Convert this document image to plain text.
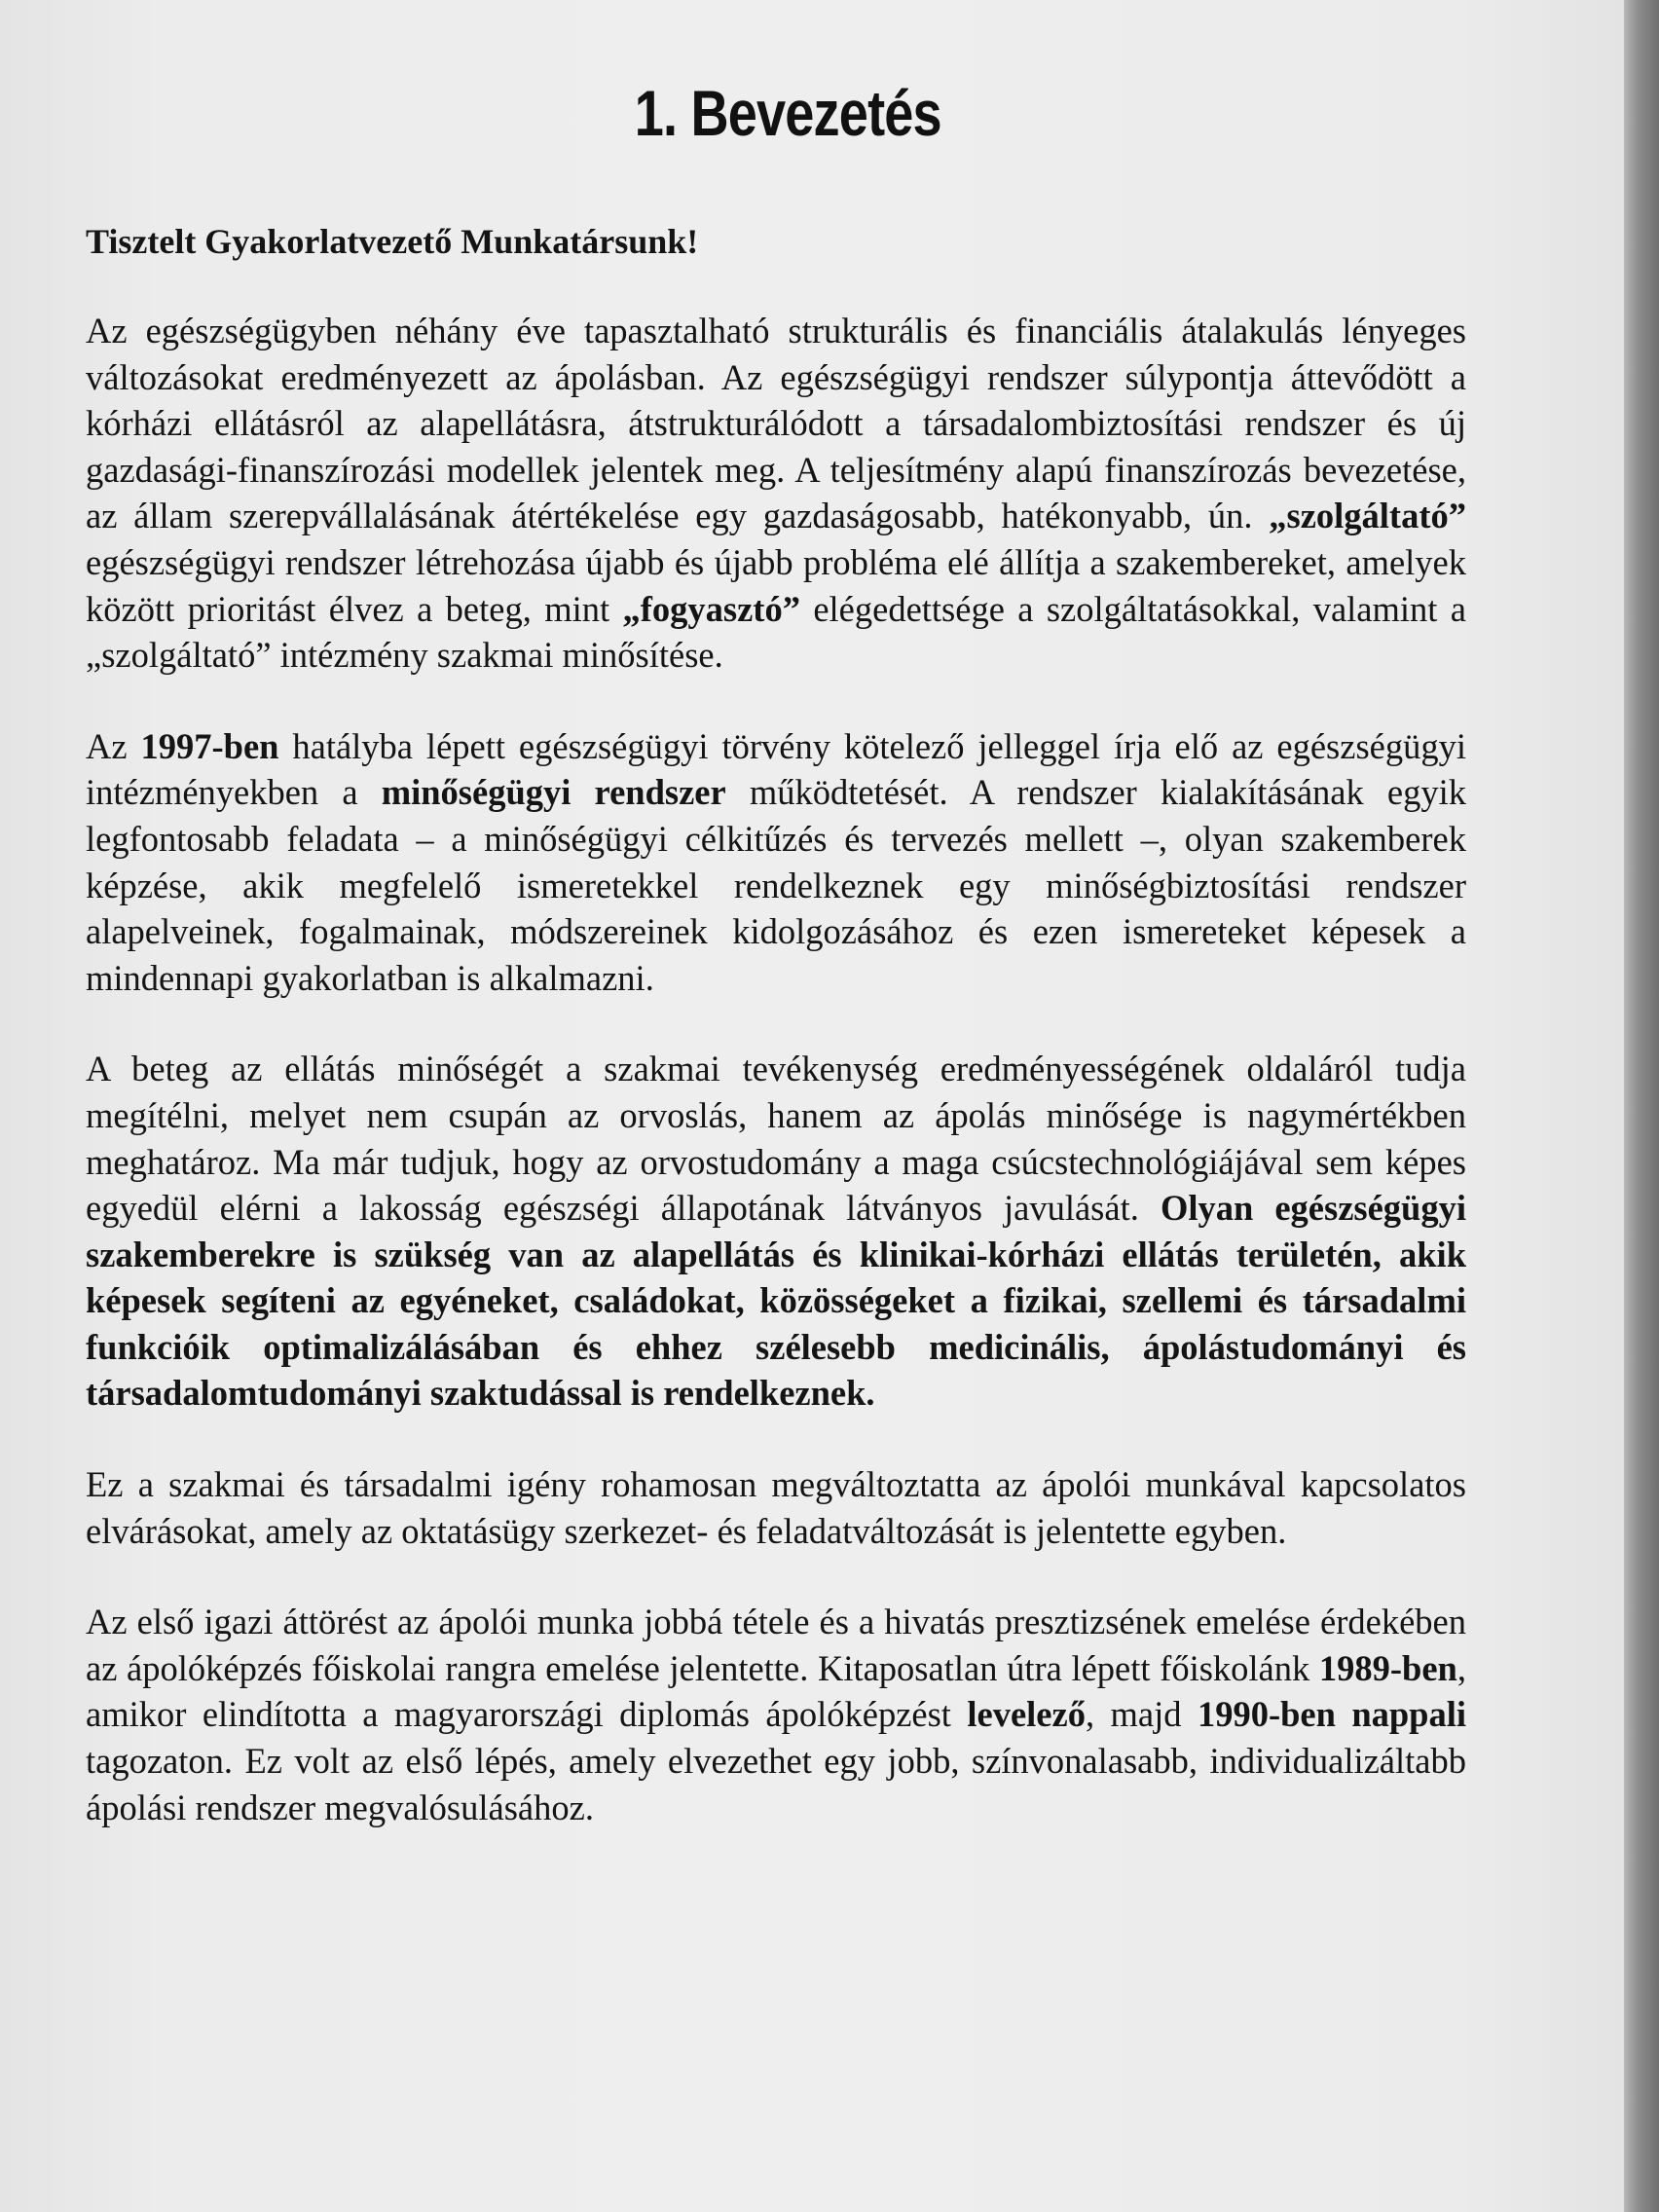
1. Bevezetés
Tisztelt Gyakorlatvezető Munkatársunk!

Az egészségügyben néhány éve tapasztalható strukturális és financiális átalakulás lényeges változásokat eredményezett az ápolásban. Az egészségügyi rendszer súlypontja áttevődött a kórházi ellátásról az alapellátásra, átstrukturálódott a társadalombiztosítási rendszer és új gazdasági-finanszírozási modellek jelentek meg. A teljesítmény alapú finanszírozás bevezetése, az állam szerepvállalásának átértékelése egy gazdaságosabb, hatékonyabb, ún. „szolgáltató” egészségügyi rendszer létrehozása újabb és újabb probléma elé állítja a szakembereket, amelyek között prioritást élvez a beteg, mint „fogyasztó” elégedettsége a szolgáltatásokkal, valamint a „szolgáltató” intézmény szakmai minősítése.

Az 1997-ben hatályba lépett egészségügyi törvény kötelező jelleggel írja elő az egészségügyi intézményekben a minőségügyi rendszer működtetését. A rendszer kialakításának egyik legfontosabb feladata – a minőségügyi célkitűzés és tervezés mellett –, olyan szakemberek képzése, akik megfelelő ismeretekkel rendelkeznek egy minőségbiztosítási rendszer alapelveinek, fogalmainak, módszereinek kidolgozásához és ezen ismereteket képesek a mindennapi gyakorlatban is alkalmazni.

A beteg az ellátás minőségét a szakmai tevékenység eredményességének oldaláról tudja megítélni, melyet nem csupán az orvoslás, hanem az ápolás minősége is nagymértékben meghatároz. Ma már tudjuk, hogy az orvostudomány a maga csúcstechnológiájával sem képes egyedül elérni a lakosság egészségi állapotának látványos javulását. Olyan egészségügyi szakemberekre is szükség van az alapellátás és klinikai-kórházi ellátás területén, akik képesek segíteni az egyéneket, családokat, közösségeket a fizikai, szellemi és társadalmi funkcióik optimalizálásában és ehhez szélesebb medicinális, ápolástudományi és társadalomtudományi szaktudással is rendelkeznek.

Ez a szakmai és társadalmi igény rohamosan megváltoztatta az ápolói munkával kapcsolatos elvárásokat, amely az oktatásügy szerkezet- és feladatváltozását is jelentette egyben.

Az első igazi áttörést az ápolói munka jobbá tétele és a hivatás presztizsének emelése érdekében az ápolóképzés főiskolai rangra emelése jelentette. Kitaposatlan útra lépett főiskolánk 1989-ben, amikor elindította a magyarországi diplomás ápolóképzést levelező, majd 1990-ben nappali tagozaton. Ez volt az első lépés, amely elvezethet egy jobb, színvonalasabb, individualizáltabb ápolási rendszer megvalósulásához.
